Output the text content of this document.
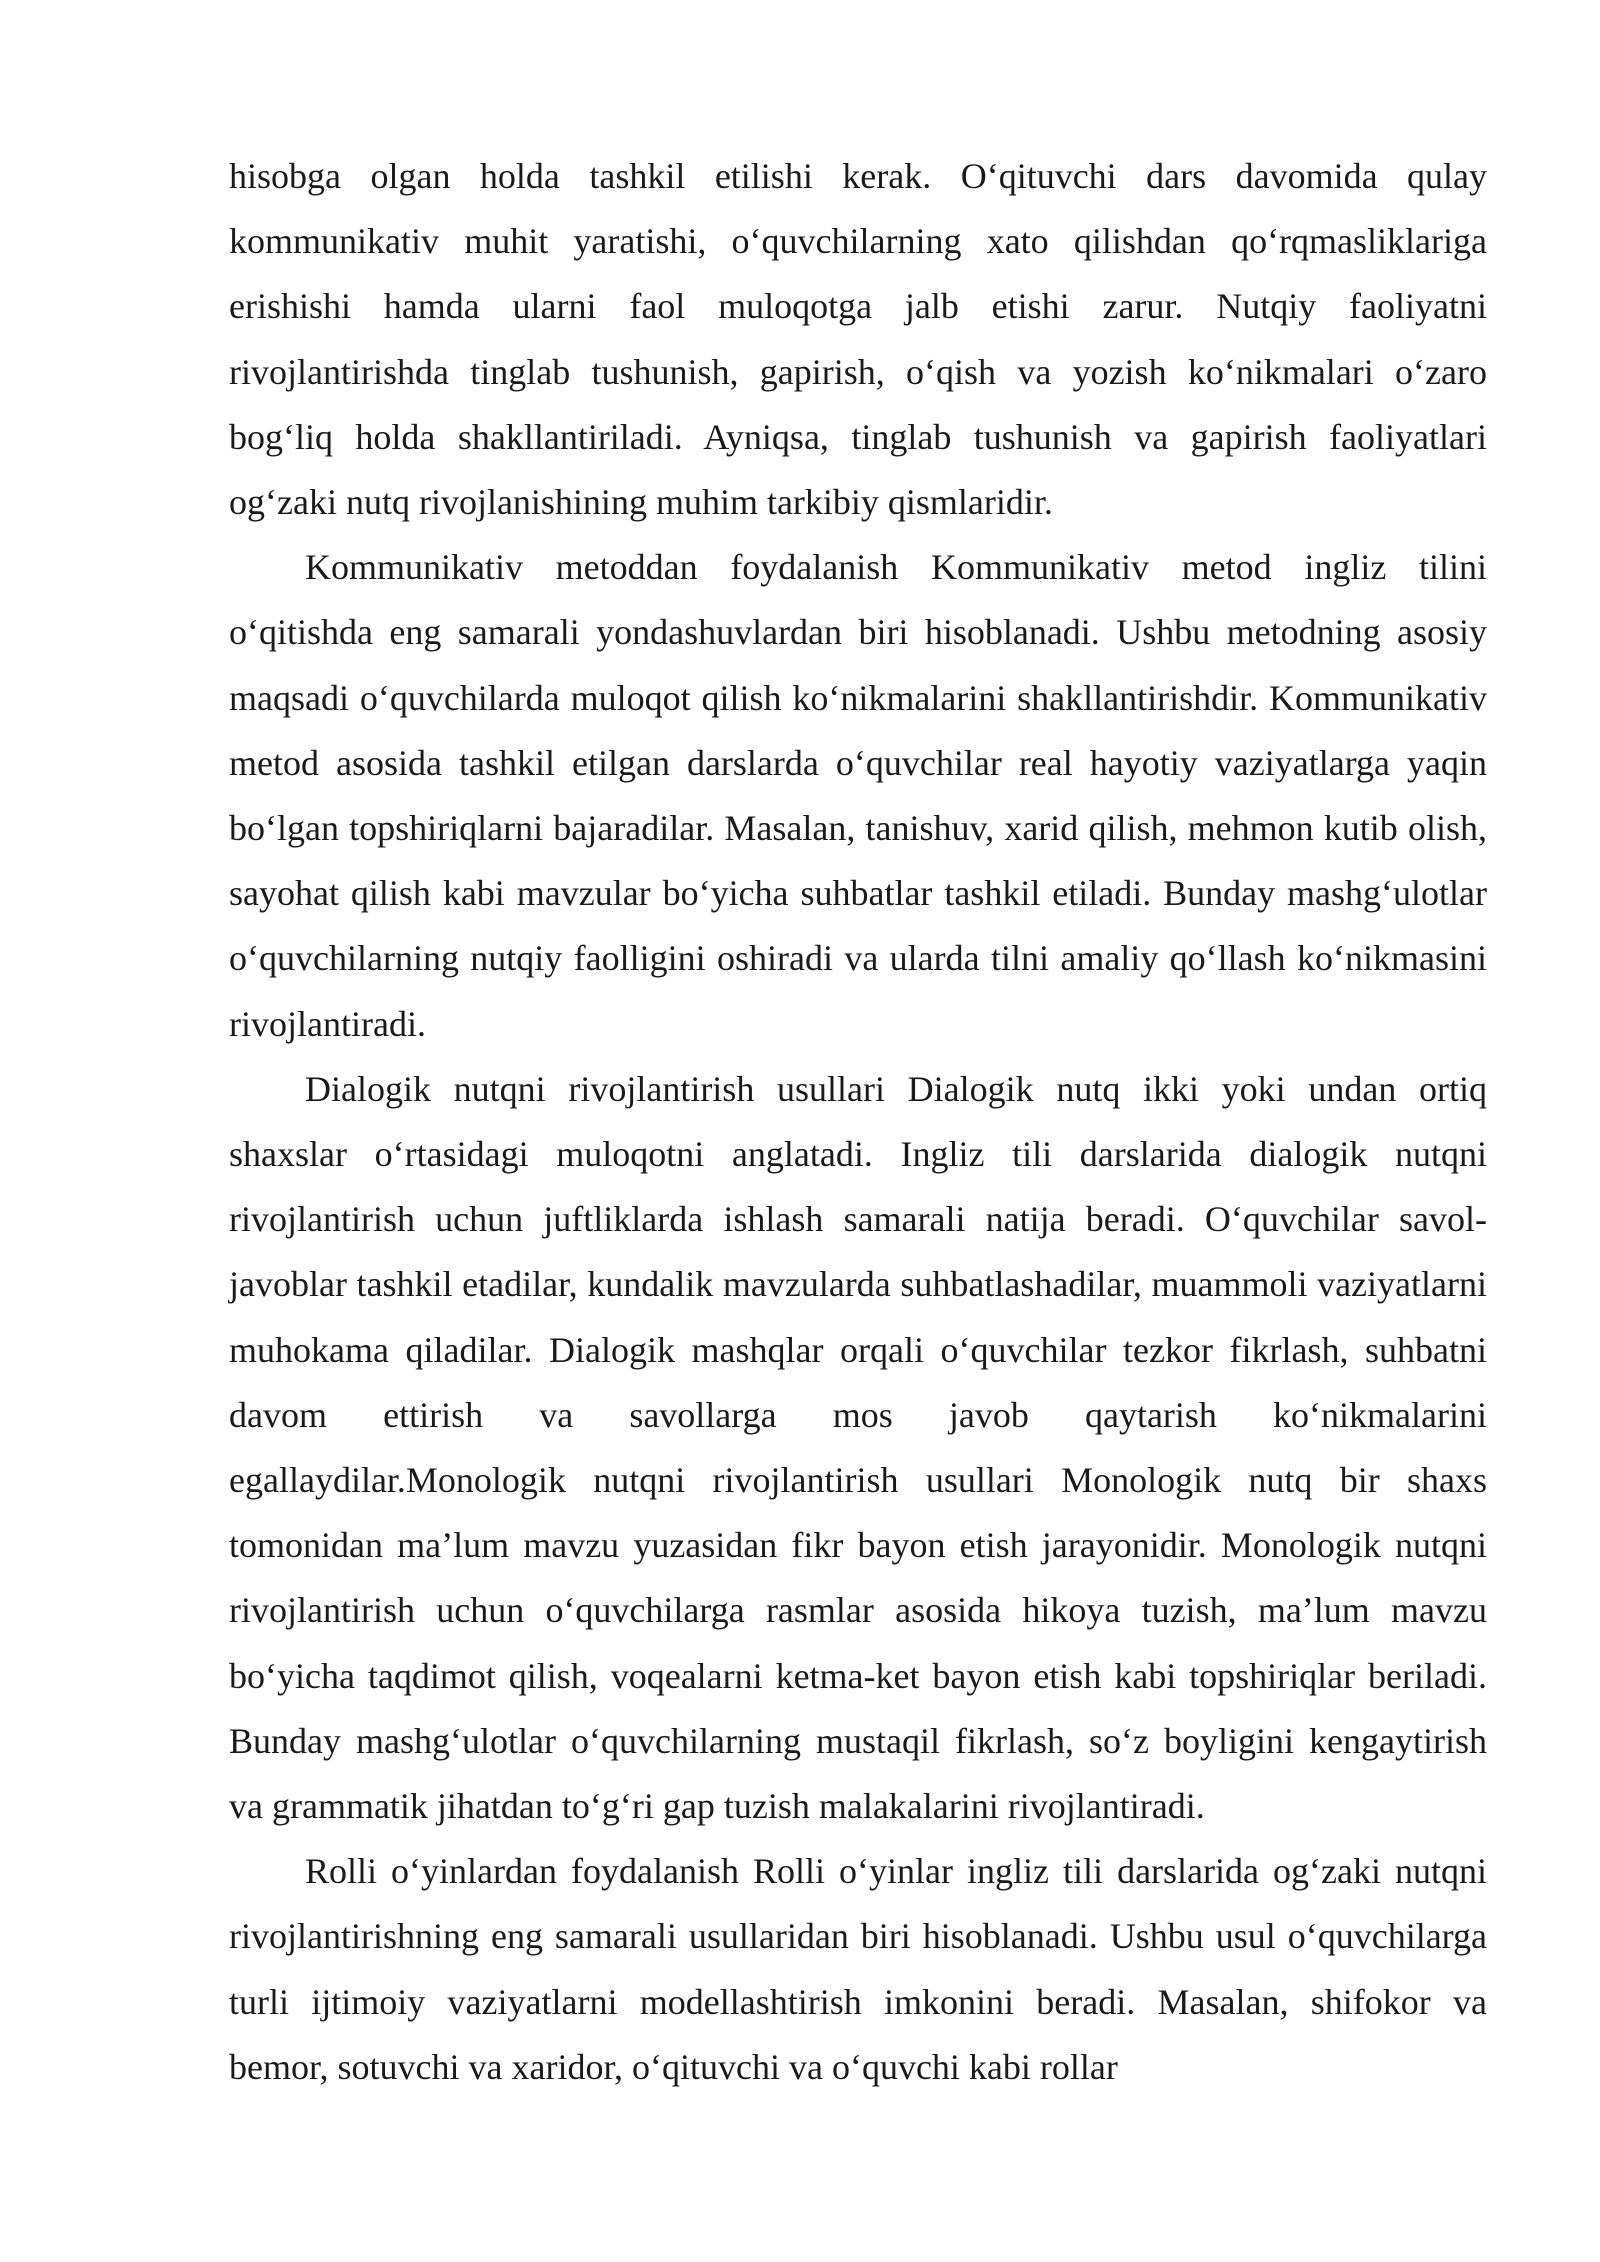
hisobga olgan holda tashkil etilishi kerak. O‘qituvchi dars davomida qulay kommunikativ muhit yaratishi, o‘quvchilarning xato qilishdan qo‘rqmasliklariga erishishi hamda ularni faol muloqotga jalb etishi zarur. Nutqiy faoliyatni rivojlantirishda tinglab tushunish, gapirish, o‘qish va yozish ko‘nikmalari o‘zaro bog‘liq holda shakllantiriladi. Ayniqsa, tinglab tushunish va gapirish faoliyatlari og‘zaki nutq rivojlanishining muhim tarkibiy qismlaridir.

Kommunikativ metoddan foydalanish Kommunikativ metod ingliz tilini o‘qitishda eng samarali yondashuvlardan biri hisoblanadi. Ushbu metodning asosiy maqsadi o‘quvchilarda muloqot qilish ko‘nikmalarini shakllantirishdir. Kommunikativ metod asosida tashkil etilgan darslarda o‘quvchilar real hayotiy vaziyatlarga yaqin bo‘lgan topshiriqlarni bajaradilar. Masalan, tanishuv, xarid qilish, mehmon kutib olish, sayohat qilish kabi mavzular bo‘yicha suhbatlar tashkil etiladi. Bunday mashg‘ulotlar o‘quvchilarning nutqiy faolligini oshiradi va ularda tilni amaliy qo‘llash ko‘nikmasini rivojlantiradi.

Dialogik nutqni rivojlantirish usullari Dialogik nutq ikki yoki undan ortiq shaxslar o‘rtasidagi muloqotni anglatadi. Ingliz tili darslarida dialogik nutqni rivojlantirish uchun juftliklarda ishlash samarali natija beradi. O‘quvchilar savol-javoblar tashkil etadilar, kundalik mavzularda suhbatlashadilar, muammoli vaziyatlarni muhokama qiladilar. Dialogik mashqlar orqali o‘quvchilar tezkor fikrlash, suhbatni davom ettirish va savollarga mos javob qaytarish ko‘nikmalarini egallaydilar.Monologik nutqni rivojlantirish usullari Monologik nutq bir shaxs tomonidan ma’lum mavzu yuzasidan fikr bayon etish jarayonidir. Monologik nutqni rivojlantirish uchun o‘quvchilarga rasmlar asosida hikoya tuzish, ma’lum mavzu bo‘yicha taqdimot qilish, voqealarni ketma-ket bayon etish kabi topshiriqlar beriladi. Bunday mashg‘ulotlar o‘quvchilarning mustaqil fikrlash, so‘z boyligini kengaytirish va grammatik jihatdan to‘g‘ri gap tuzish malakalarini rivojlantiradi.

Rolli o‘yinlardan foydalanish Rolli o‘yinlar ingliz tili darslarida og‘zaki nutqni rivojlantirishning eng samarali usullaridan biri hisoblanadi. Ushbu usul o‘quvchilarga turli ijtimoiy vaziyatlarni modellashtirish imkonini beradi. Masalan, shifokor va bemor, sotuvchi va xaridor, o‘qituvchi va o‘quvchi kabi rollar
